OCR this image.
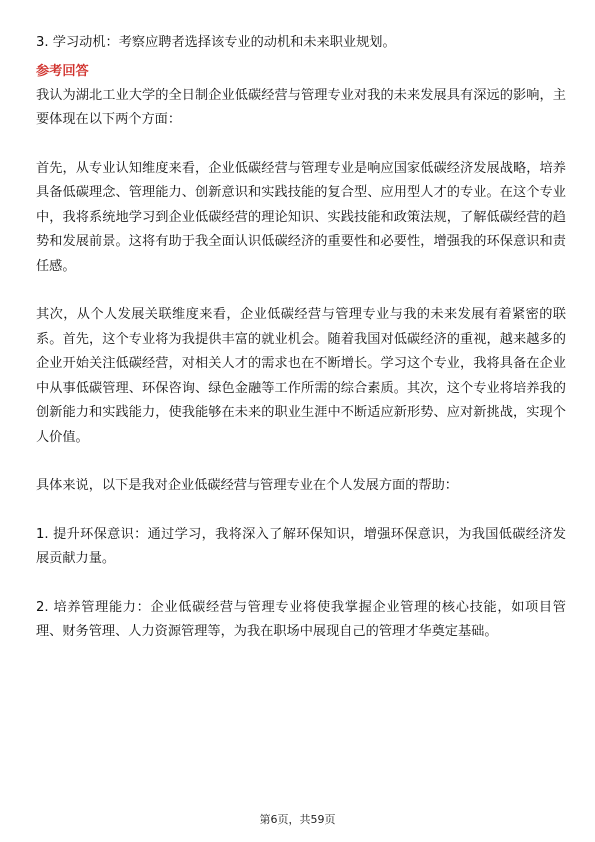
3. 学习动机：考察应聘者选择该专业的动机和未来职业规划。

参考回答

我认为湖北工业大学的全日制企业低碳经营与管理专业对我的未来发展具有深远的影响，主要体现在以下两个方面：

首先，从专业认知维度来看，企业低碳经营与管理专业是响应国家低碳经济发展战略，培养具备低碳理念、管理能力、创新意识和实践技能的复合型、应用型人才的专业。在这个专业中，我将系统地学习到企业低碳经营的理论知识、实践技能和政策法规，了解低碳经营的趋势和发展前景。这将有助于我全面认识低碳经济的重要性和必要性，增强我的环保意识和责任感。

其次，从个人发展关联维度来看，企业低碳经营与管理专业与我的未来发展有着紧密的联系。首先，这个专业将为我提供丰富的就业机会。随着我国对低碳经济的重视，越来越多的企业开始关注低碳经营，对相关人才的需求也在不断增长。学习这个专业，我将具备在企业中从事低碳管理、环保咨询、绿色金融等工作所需的综合素质。其次，这个专业将培养我的创新能力和实践能力，使我能够在未来的职业生涯中不断适应新形势、应对新挑战，实现个人价值。

具体来说，以下是我对企业低碳经营与管理专业在个人发展方面的帮助：

1. 提升环保意识：通过学习，我将深入了解环保知识，增强环保意识，为我国低碳经济发展贡献力量。

2. 培养管理能力：企业低碳经营与管理专业将使我掌握企业管理的核心技能，如项目管理、财务管理、人力资源管理等，为我在职场中展现自己的管理才华奠定基础。

第6页，共59页
